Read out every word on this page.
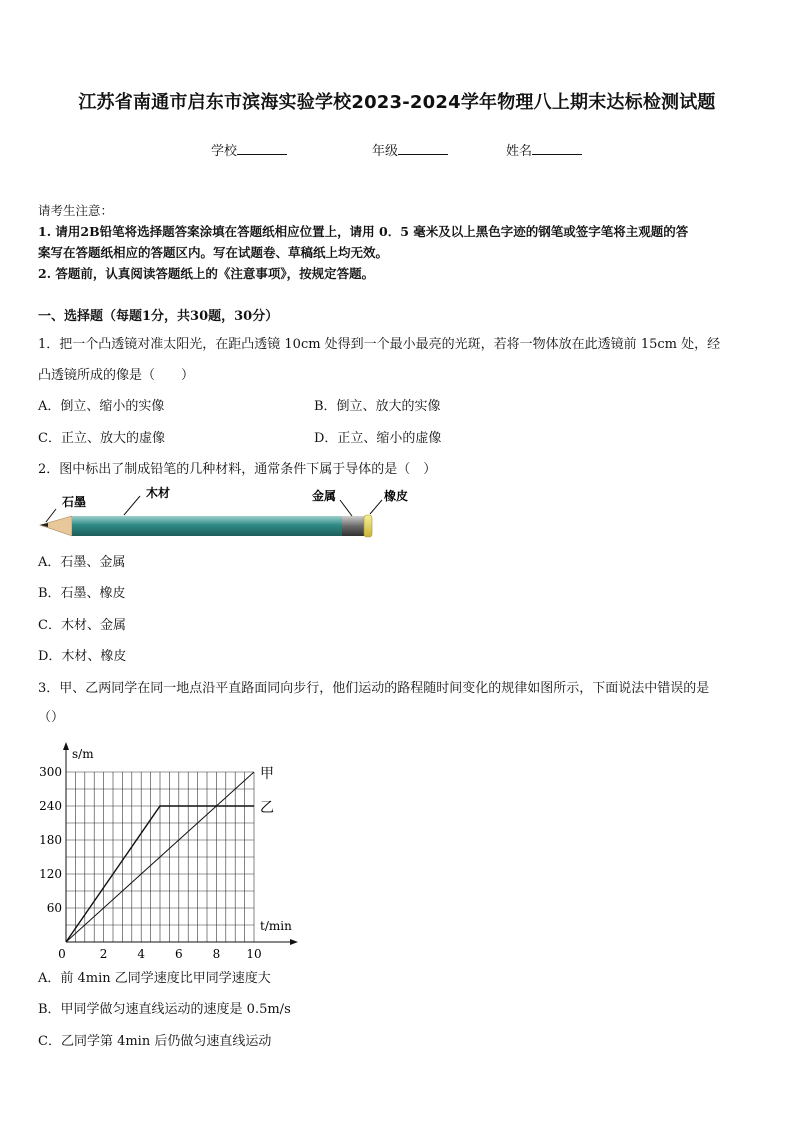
江苏省南通市启东市滨海实验学校2023-2024学年物理八上期末达标检测试题
学校	年级	姓名
请考生注意：
1. 请用2B铅笔将选择题答案涂填在答题纸相应位置上，请用 0．5 毫米及以上黑色字迹的钢笔或签字笔将主观题的答
案写在答题纸相应的答题区内。写在试题卷、草稿纸上均无效。
2. 答题前，认真阅读答题纸上的《注意事项》，按规定答题。
一、选择题（每题1分，共30题，30分）
1．把一个凸透镜对准太阳光，在距凸透镜 10cm 处得到一个最小最亮的光斑，若将一物体放在此透镜前 15cm 处，经
凸透镜所成的像是（　　）
A．倒立、缩小的实像	B．倒立、放大的实像
C．正立、放大的虚像	D．正立、缩小的虚像
2．图中标出了制成铅笔的几种材料，通常条件下属于导体的是（　）
石墨
木材	金属	橡皮
A．石墨、金属
B．石墨、橡皮
C．木材、金属
D．木材、橡皮
3．甲、乙两同学在同一地点沿平直路面同向步行，他们运动的路程随时间变化的规律如图所示，下面说法中错误的是
（）
甲
乙
0	2 4 6 8 10
60
120
180
240
300
t/min
s/m
A．前 4min 乙同学速度比甲同学速度大
B．甲同学做匀速直线运动的速度是 0.5m/s
C．乙同学第 4min 后仍做匀速直线运动
